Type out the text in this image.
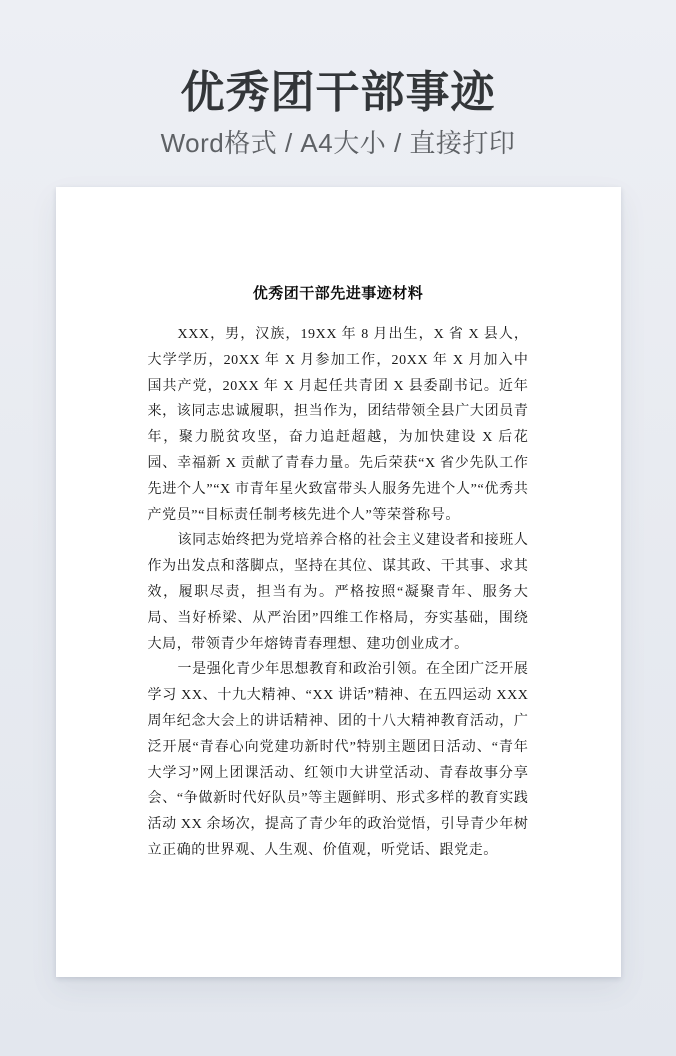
优秀团干部事迹

Word格式 / A4大小 / 直接打印

优秀团干部先进事迹材料

XXX，男，汉族，19XX 年 8 月出生，X 省 X 县人，大学学历，20XX 年 X 月参加工作，20XX 年 X 月加入中国共产党，20XX 年 X 月起任共青团 X 县委副书记。近年来，该同志忠诚履职，担当作为，团结带领全县广大团员青年，聚力脱贫攻坚，奋力追赶超越，为加快建设 X 后花园、幸福新 X 贡献了青春力量。先后荣获“X 省少先队工作先进个人”“X 市青年星火致富带头人服务先进个人”“优秀共产党员”“目标责任制考核先进个人”等荣誉称号。

该同志始终把为党培养合格的社会主义建设者和接班人作为出发点和落脚点，坚持在其位、谋其政、干其事、求其效，履职尽责，担当有为。严格按照“凝聚青年、服务大局、当好桥梁、从严治团”四维工作格局，夯实基础，围绕大局，带领青少年熔铸青春理想、建功创业成才。

一是强化青少年思想教育和政治引领。在全团广泛开展学习 XX、十九大精神、“XX 讲话”精神、在五四运动 XXX 周年纪念大会上的讲话精神、团的十八大精神教育活动，广泛开展“青春心向党建功新时代”特别主题团日活动、“青年大学习”网上团课活动、红领巾大讲堂活动、青春故事分享会、“争做新时代好队员”等主题鲜明、形式多样的教育实践活动 XX 余场次，提高了青少年的政治觉悟，引导青少年树立正确的世界观、人生观、价值观，听党话、跟党走。
